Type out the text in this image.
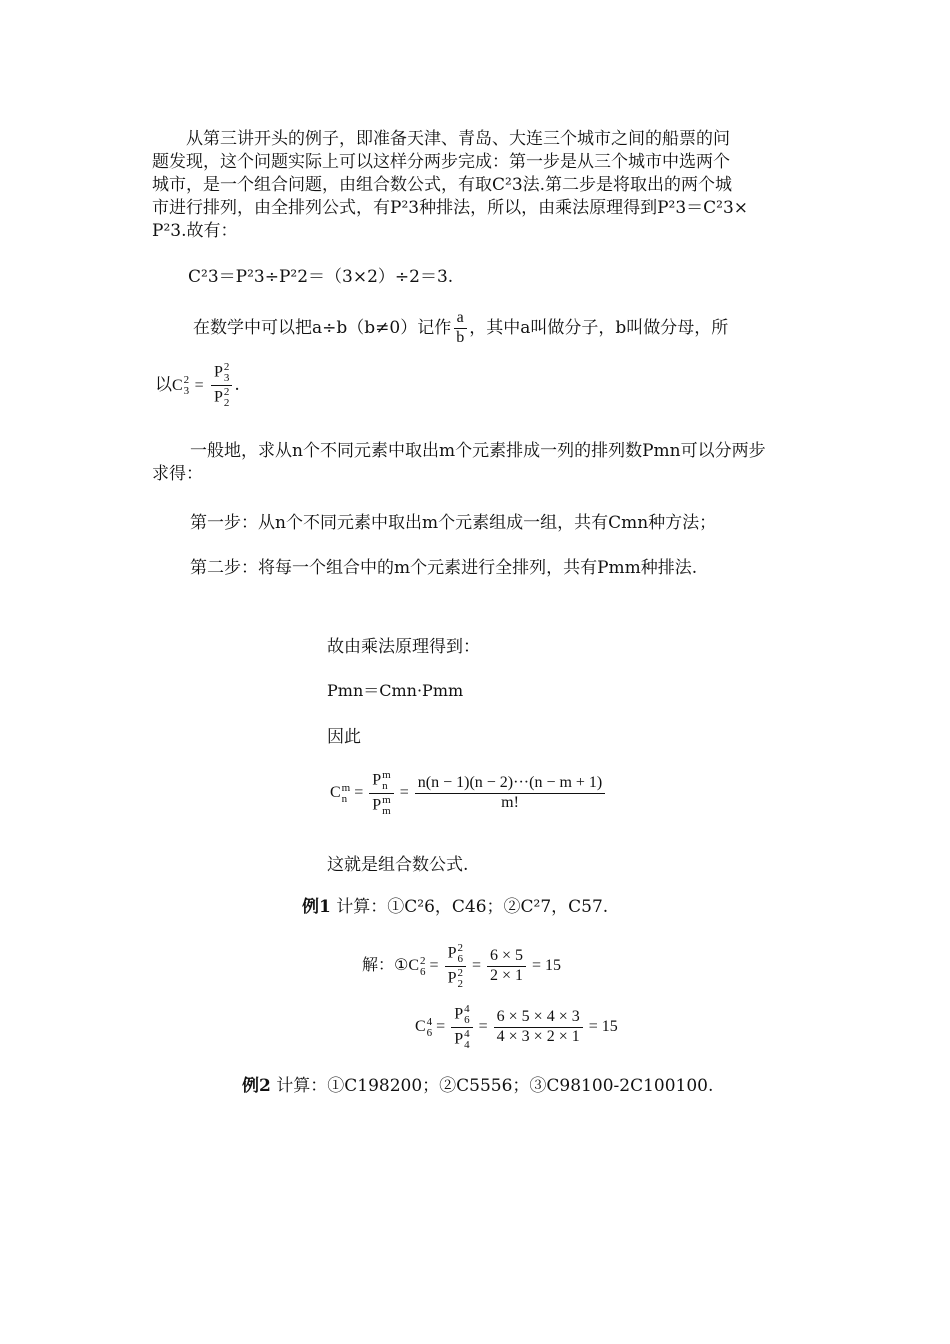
从第三讲开头的例子，即准备天津、青岛、大连三个城市之间的船票的问
题发现，这个问题实际上可以这样分两步完成：第一步是从三个城市中选两个
城市，是一个组合问题，由组合数公式，有取C²3法.第二步是将取出的两个城
市进行排列，由全排列公式，有P²3种排法，所以，由乘法原理得到P²3＝C²3×
P²3.故有：
C²3＝P²3÷P²2＝（3×2）÷2＝3.
在数学中可以把a÷b（b≠0）记作 $\frac{a}{b}$ ，其中a叫做分子，b叫做分母，所
以C 2
3 = P 2
3
P 2
2 .
一般地，求从n个不同元素中取出m个元素排成一列的排列数Pmn可以分两步
求得：
第一步：从n个不同元素中取出m个元素组成一组，共有Cmn种方法；
第二步：将每一个组合中的m个元素进行全排列，共有Pmm种排法.
故由乘法原理得到：
Pmn＝Cmn·Pmm
因此
C m
n = P m
n
P m
$m = \frac{n(n - 1)(n - 2)\cdot\cdot\cdot(n - m + 1)}{m!}$
这就是组合数公式.
例1 计算：①C²6，C46；②C²7，C57.
解：①C 2
6 = P 2
6
P 2
$2 = \frac{6 \times 5}{2 \times 1} = 15$
C 4
6 = P 4
6
P 4
$4 = \frac{6 \times 5 \times 4 \times 3}{4 \times 3 \times 2 \times 1} = 15$
例2 计算：①C198200；②C5556；③C98100-2C100100.
